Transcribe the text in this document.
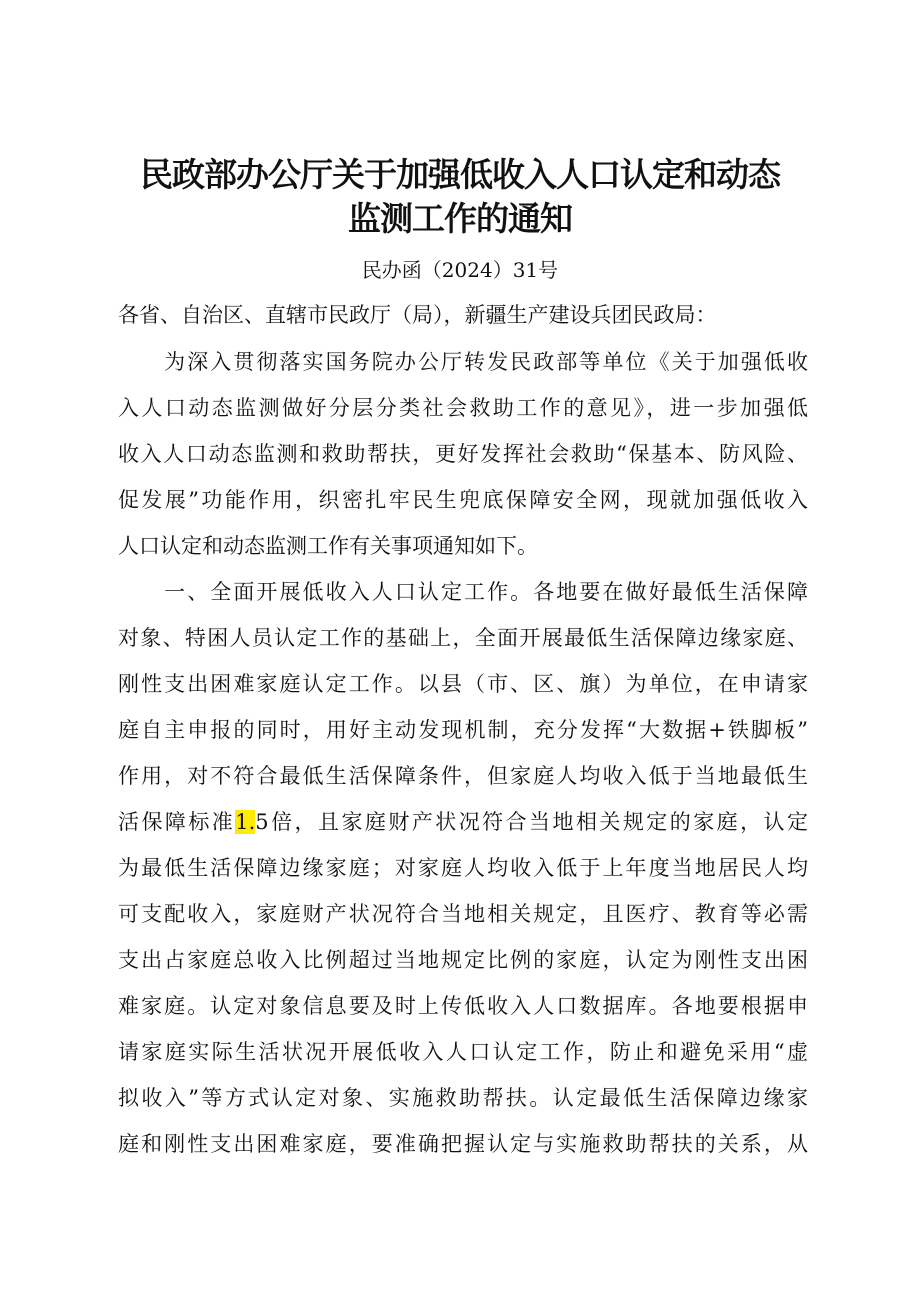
民政部办公厅关于加强低收入人口认定和动态
监测工作的通知
民办函（2024）31号
各省、自治区、直辖市民政厅（局），新疆生产建设兵团民政局：
　　为深入贯彻落实国务院办公厅转发民政部等单位《关于加强低收
入人口动态监测做好分层分类社会救助工作的意见》，进一步加强低
收入人口动态监测和救助帮扶，更好发挥社会救助“保基本、防风险、
促发展”功能作用，织密扎牢民生兜底保障安全网，现就加强低收入
人口认定和动态监测工作有关事项通知如下。
　　一、全面开展低收入人口认定工作。各地要在做好最低生活保障
对象、特困人员认定工作的基础上，全面开展最低生活保障边缘家庭、
刚性支出困难家庭认定工作。以县（市、区、旗）为单位，在申请家
庭自主申报的同时，用好主动发现机制，充分发挥“大数据+铁脚板”
作用，对不符合最低生活保障条件，但家庭人均收入低于当地最低生
活保障标准1.5倍，且家庭财产状况符合当地相关规定的家庭，认定
为最低生活保障边缘家庭；对家庭人均收入低于上年度当地居民人均
可支配收入，家庭财产状况符合当地相关规定，且医疗、教育等必需
支出占家庭总收入比例超过当地规定比例的家庭，认定为刚性支出困
难家庭。认定对象信息要及时上传低收入人口数据库。各地要根据申
请家庭实际生活状况开展低收入人口认定工作，防止和避免采用“虚
拟收入”等方式认定对象、实施救助帮扶。认定最低生活保障边缘家
庭和刚性支出困难家庭，要准确把握认定与实施救助帮扶的关系，从
